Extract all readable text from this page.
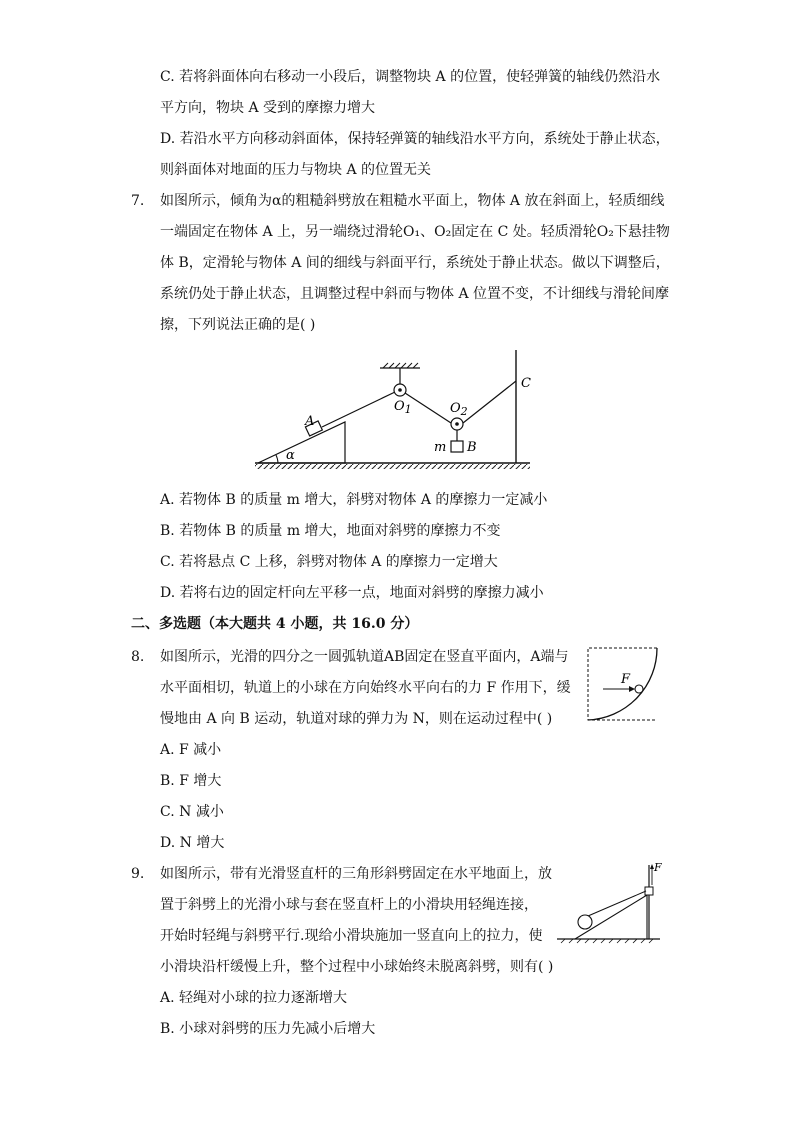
C. 若将斜面体向右移动一小段后，调整物块 A 的位置，使轻弹簧的轴线仍然沿水
平方向，物块 A 受到的摩擦力增大
D. 若沿水平方向移动斜面体，保持轻弹簧的轴线沿水平方向，系统处于静止状态，
则斜面体对地面的压力与物块 A 的位置无关
7. 如图所示，倾角为α的粗糙斜劈放在粗糙水平面上，物体 A 放在斜面上，轻质细线
一端固定在物体 A 上，另一端绕过滑轮O₁、O₂固定在 C 处。轻质滑轮O₂下悬挂物
体 B，定滑轮与物体 A 间的细线与斜面平行，系统处于静止状态。做以下调整后，
系统仍处于静止状态，且调整过程中斜而与物体 A 位置不变，不计细线与滑轮间摩
擦，下列说法正确的是( )
α
A
$O_1$	$O_2$
m B
C
A. 若物体 B 的质量 m 增大，斜劈对物体 A 的摩擦力一定减小
B. 若物体 B 的质量 m 增大，地面对斜劈的摩擦力不变
C. 若将悬点 C 上移，斜劈对物体 A 的摩擦力一定增大
D. 若将右边的固定杆向左平移一点，地面对斜劈的摩擦力减小
二、多选题（本大题共 4 小题，共 16.0 分）
8. 如图所示，光滑的四分之一圆弧轨道AB固定在竖直平面内，A端与
水平面相切，轨道上的小球在方向始终水平向右的力 F 作用下，缓
慢地由 A 向 B 运动，轨道对球的弹力为 N，则在运动过程中( )
F
A. F 减小
B. F 增大
C. N 减小
D. N 增大
9. 如图所示，带有光滑竖直杆的三角形斜劈固定在水平地面上，放
置于斜劈上的光滑小球与套在竖直杆上的小滑块用轻绳连接，
开始时轻绳与斜劈平行.现给小滑块施加一竖直向上的拉力，使
小滑块沿杆缓慢上升，整个过程中小球始终未脱离斜劈，则有( )
F
A. 轻绳对小球的拉力逐渐增大
B. 小球对斜劈的压力先减小后增大
